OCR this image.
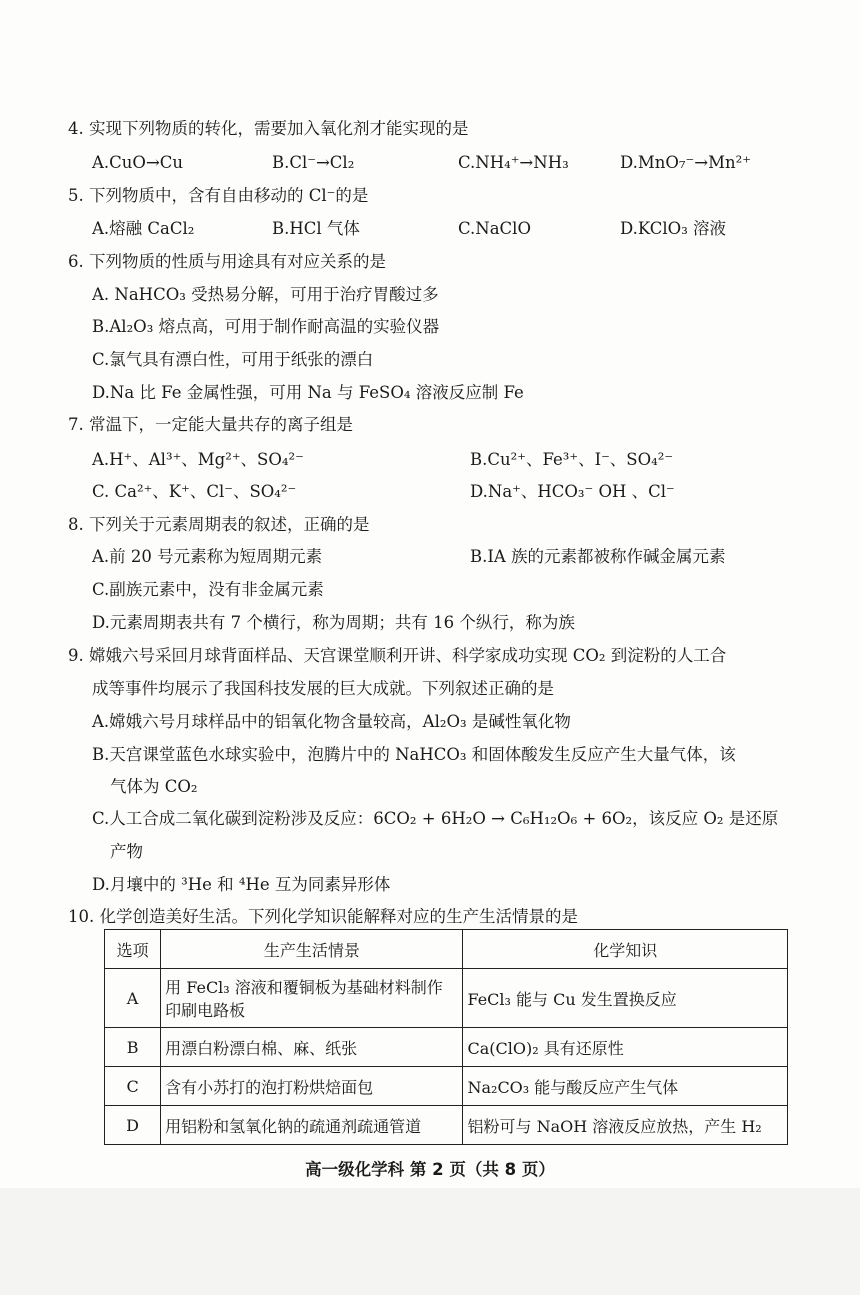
4. 实现下列物质的转化，需要加入氧化剂才能实现的是
A.CuO→Cu	B.Cl⁻→Cl₂	C.NH₄⁺→NH₃	D.MnO₇⁻→Mn²⁺
5. 下列物质中，含有自由移动的 Cl⁻的是
A.熔融 CaCl₂	B.HCl 气体	C.NaClO	D.KClO₃ 溶液
6. 下列物质的性质与用途具有对应关系的是
A. NaHCO₃ 受热易分解，可用于治疗胃酸过多
B.Al₂O₃ 熔点高，可用于制作耐高温的实验仪器
C.氯气具有漂白性，可用于纸张的漂白
D.Na 比 Fe 金属性强，可用 Na 与 FeSO₄ 溶液反应制 Fe
7. 常温下，一定能大量共存的离子组是
A.H⁺、Al³⁺、Mg²⁺、SO₄²⁻	B.Cu²⁺、Fe³⁺、I⁻、SO₄²⁻
C. Ca²⁺、K⁺、Cl⁻、SO₄²⁻	D.Na⁺、HCO₃⁻ OH 、Cl⁻
8. 下列关于元素周期表的叙述，正确的是
A.前 20 号元素称为短周期元素	B.IA 族的元素都被称作碱金属元素
C.副族元素中，没有非金属元素
D.元素周期表共有 7 个横行，称为周期；共有 16 个纵行，称为族
9. 嫦娥六号采回月球背面样品、天宫课堂顺利开讲、科学家成功实现 CO₂ 到淀粉的人工合
成等事件均展示了我国科技发展的巨大成就。下列叙述正确的是
A.嫦娥六号月球样品中的铝氧化物含量较高，Al₂O₃ 是碱性氧化物
B.天宫课堂蓝色水球实验中，泡腾片中的 NaHCO₃ 和固体酸发生反应产生大量气体，该
气体为 CO₂
C.人工合成二氧化碳到淀粉涉及反应：6CO₂ + 6H₂O → C₆H₁₂O₆ + 6O₂，该反应 O₂ 是还原
产物
D.月壤中的 ³He 和 ⁴He 互为同素异形体
10. 化学创造美好生活。下列化学知识能解释对应的生产生活情景的是
选项	生产生活情景	化学知识
A	用 FeCl₃ 溶液和覆铜板为基础材料制作印刷电路板	FeCl₃ 能与 Cu 发生置换反应
B	用漂白粉漂白棉、麻、纸张	Ca(ClO)₂ 具有还原性
C	含有小苏打的泡打粉烘焙面包	Na₂CO₃ 能与酸反应产生气体
D	用铝粉和氢氧化钠的疏通剂疏通管道	铝粉可与 NaOH 溶液反应放热，产生 H₂
高一级化学科 第 2 页（共 8 页）
